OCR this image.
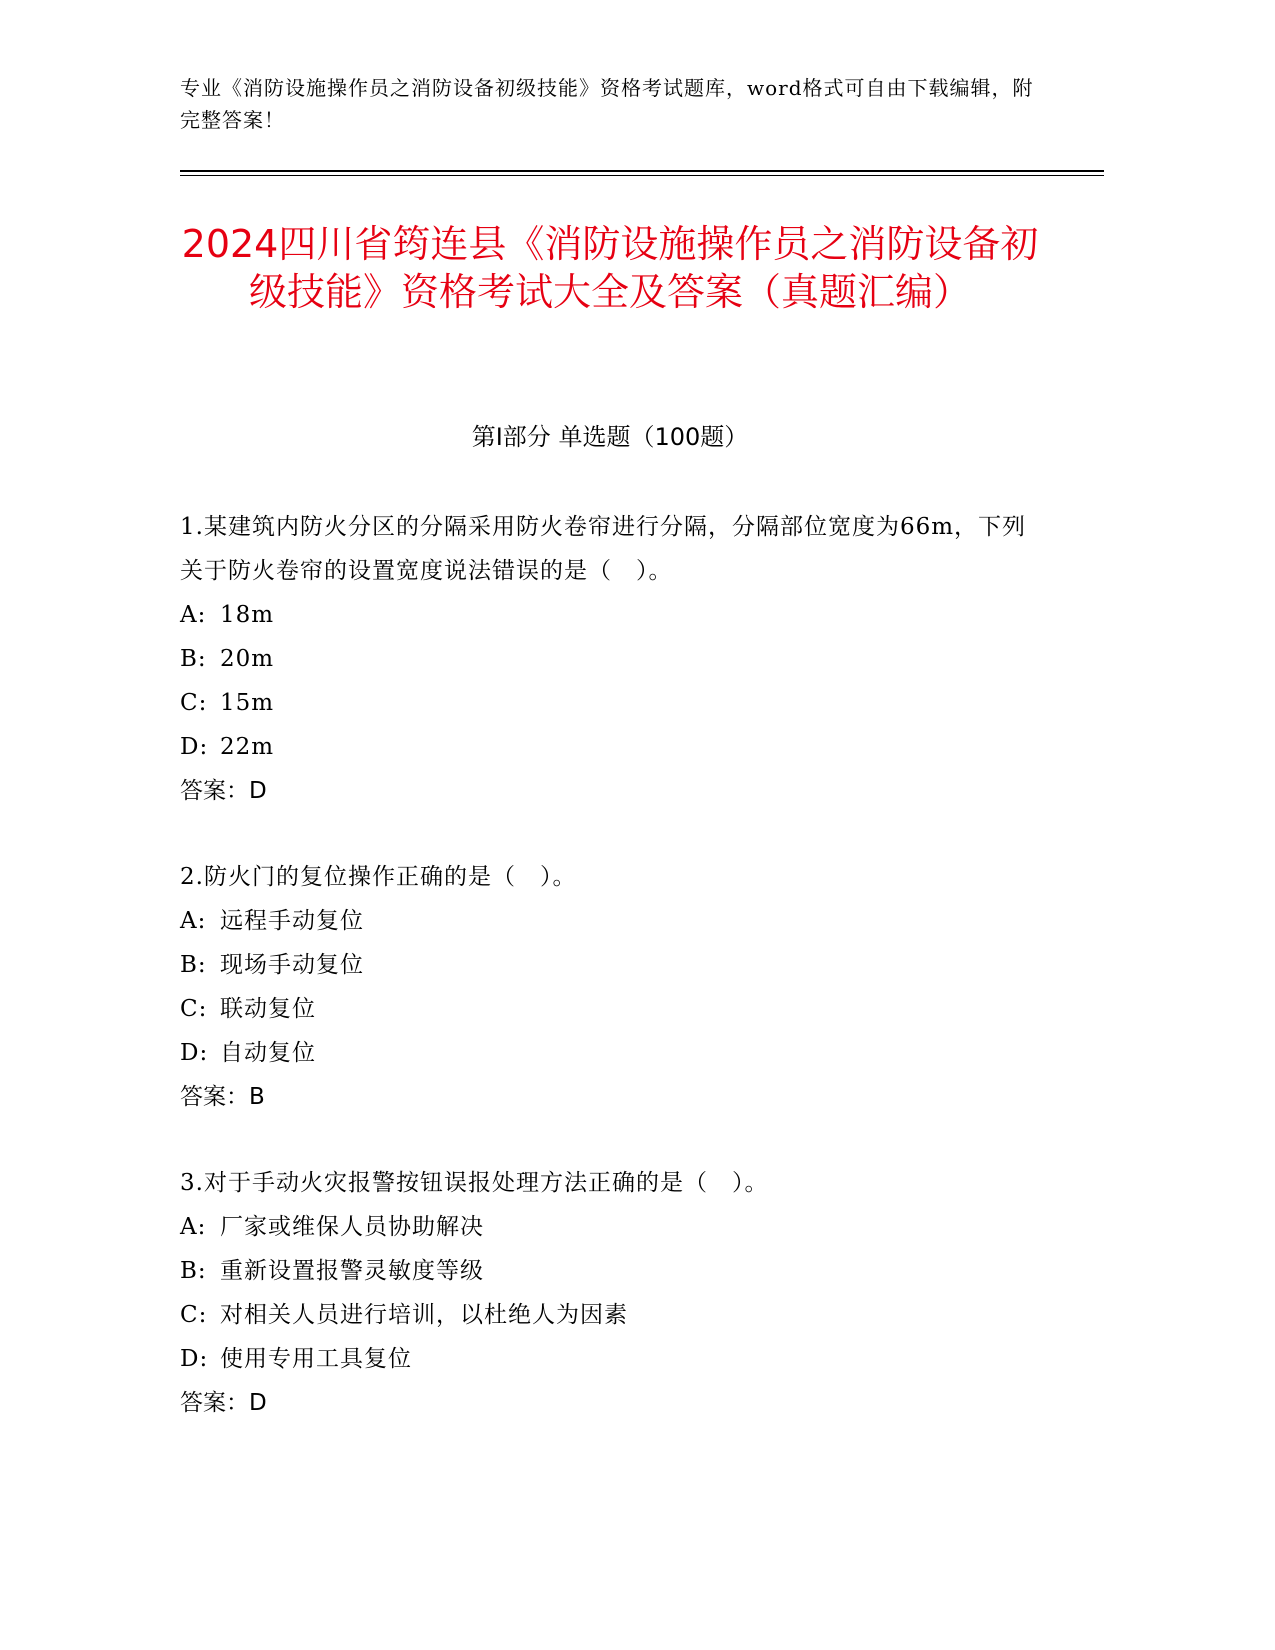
专业《消防设施操作员之消防设备初级技能》资格考试题库，word格式可自由下载编辑，附完整答案！
2024四川省筠连县《消防设施操作员之消防设备初级技能》资格考试大全及答案（真题汇编）
第Ⅰ部分 单选题（100题）

1.某建筑内防火分区的分隔采用防火卷帘进行分隔，分隔部位宽度为66m，下列关于防火卷帘的设置宽度说法错误的是（　）。

A: 18m

B: 20m

C: 15m

D: 22m

答案：D

2.防火门的复位操作正确的是（　）。

A: 远程手动复位

B: 现场手动复位

C: 联动复位

D: 自动复位

答案：B

3.对于手动火灾报警按钮误报处理方法正确的是（　）。

A: 厂家或维保人员协助解决

B: 重新设置报警灵敏度等级

C: 对相关人员进行培训，以杜绝人为因素

D: 使用专用工具复位

答案：D
